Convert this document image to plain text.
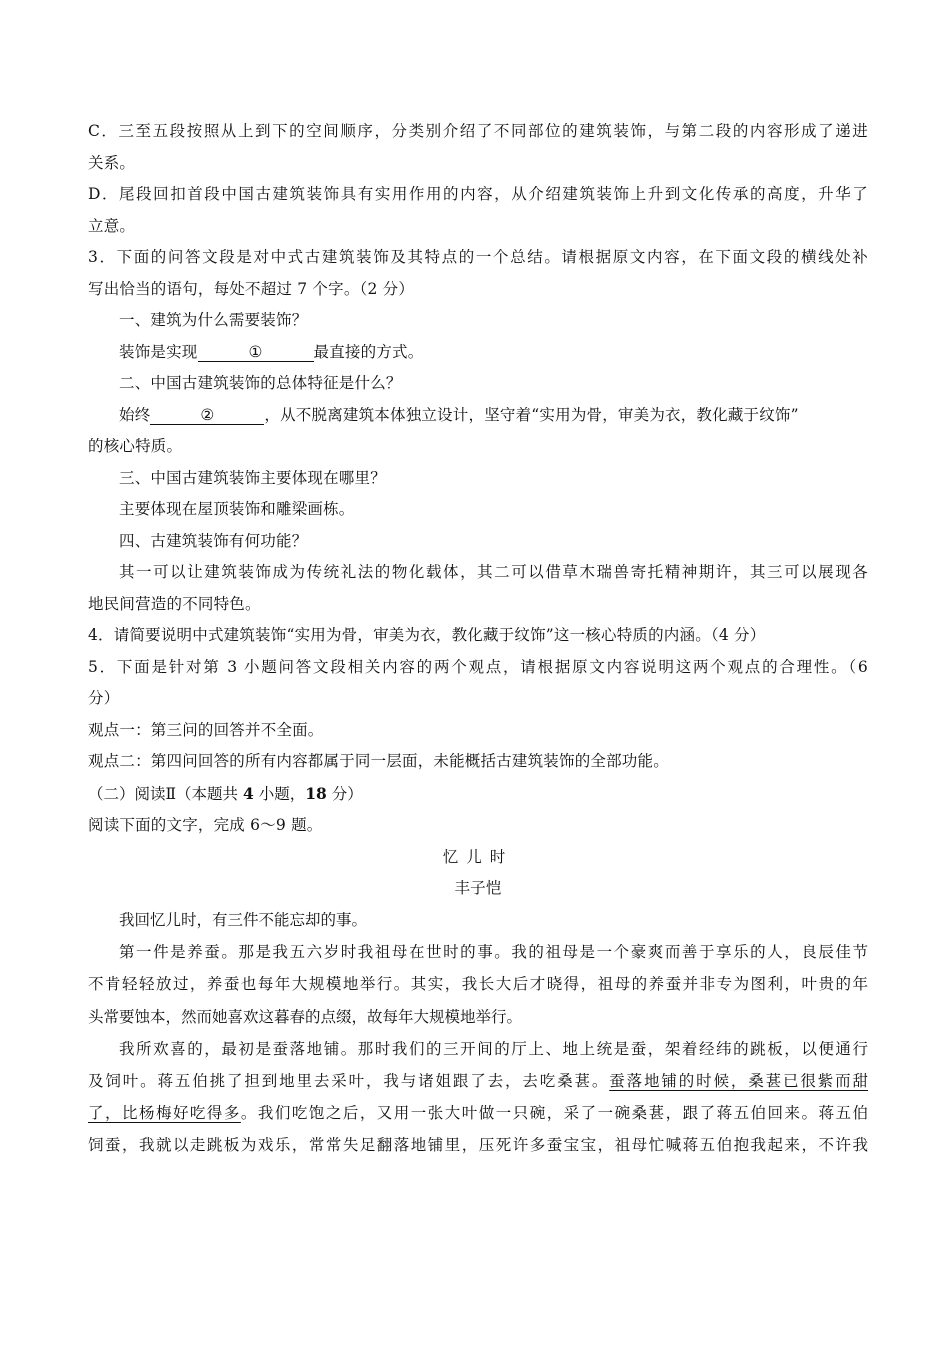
C．三至五段按照从上到下的空间顺序，分类别介绍了不同部位的建筑装饰，与第二段的内容形成了递进
关系。
D．尾段回扣首段中国古建筑装饰具有实用作用的内容，从介绍建筑装饰上升到文化传承的高度，升华了
立意。
3．下面的问答文段是对中式古建筑装饰及其特点的一个总结。请根据原文内容，在下面文段的横线处补
写出恰当的语句，每处不超过 7 个字。（2 分）
一、建筑为什么需要装饰？
装饰是实现	①	最直接的方式。
二、中国古建筑装饰的总体特征是什么？
始终	②	，从不脱离建筑本体独立设计，坚守着“实用为骨，审美为衣，教化藏于纹饰”
的核心特质。
三、中国古建筑装饰主要体现在哪里？
主要体现在屋顶装饰和雕梁画栋。
四、古建筑装饰有何功能？
其一可以让建筑装饰成为传统礼法的物化载体，其二可以借草木瑞兽寄托精神期许，其三可以展现各
地民间营造的不同特色。
4．请简要说明中式建筑装饰“实用为骨，审美为衣，教化藏于纹饰”这一核心特质的内涵。（4 分）
5．下面是针对第 3 小题问答文段相关内容的两个观点，请根据原文内容说明这两个观点的合理性。（6
分）
观点一：第三问的回答并不全面。
观点二：第四问回答的所有内容都属于同一层面，未能概括古建筑装饰的全部功能。
（二）阅读Ⅱ（本题共 4 小题，18 分）
阅读下面的文字，完成 6～9 题。
忆儿时
丰子恺
我回忆儿时，有三件不能忘却的事。
第一件是养蚕。那是我五六岁时我祖母在世时的事。我的祖母是一个豪爽而善于享乐的人，良辰佳节
不肯轻轻放过，养蚕也每年大规模地举行。其实，我长大后才晓得，祖母的养蚕并非专为图利，叶贵的年
头常要蚀本，然而她喜欢这暮春的点缀，故每年大规模地举行。
我所欢喜的，最初是蚕落地铺。那时我们的三开间的厅上、地上统是蚕，架着经纬的跳板，以便通行
及饲叶。蒋五伯挑了担到地里去采叶，我与诸姐跟了去，去吃桑葚。蚕落地铺的时候，桑葚已很紫而甜
了，比杨梅好吃得多。我们吃饱之后，又用一张大叶做一只碗，采了一碗桑葚，跟了蒋五伯回来。蒋五伯
饲蚕，我就以走跳板为戏乐，常常失足翻落地铺里，压死许多蚕宝宝，祖母忙喊蒋五伯抱我起来，不许我
